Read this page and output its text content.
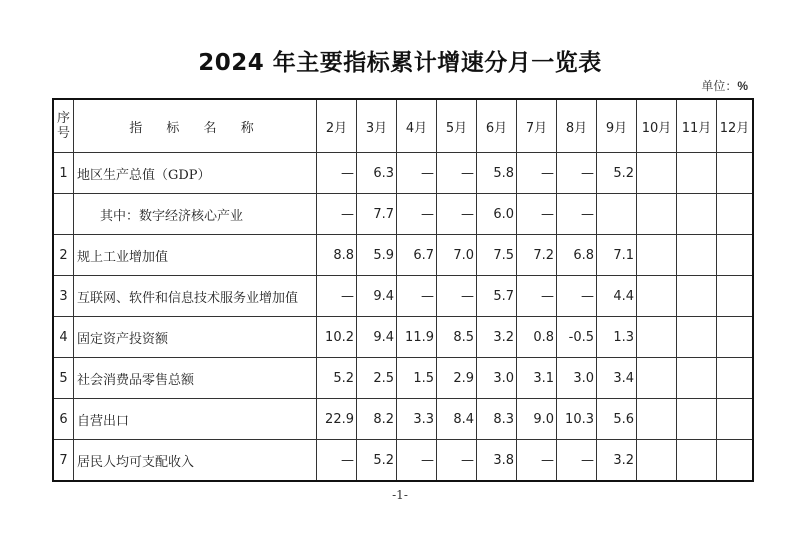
2024 年主要指标累计增速分月一览表
单位：%
序号	指 标 名 称	2月	3月	4月	5月	6月	7月	8月	9月	10月	11月	12月
1	地区生产总值（GDP）	—	6.3	—	—	5.8	—	—	5.2			
	其中：数字经济核心产业	—	7.7	—	—	6.0	—	—				
2	规上工业增加值	8.8	5.9	6.7	7.0	7.5	7.2	6.8	7.1			
3	互联网、软件和信息技术服务业增加值	—	9.4	—	—	5.7	—	—	4.4			
4	固定资产投资额	10.2	9.4	11.9	8.5	3.2	0.8	-0.5	1.3			
5	社会消费品零售总额	5.2	2.5	1.5	2.9	3.0	3.1	3.0	3.4			
6	自营出口	22.9	8.2	3.3	8.4	8.3	9.0	10.3	5.6			
7	居民人均可支配收入	—	5.2	—	—	3.8	—	—	3.2			
-1-
